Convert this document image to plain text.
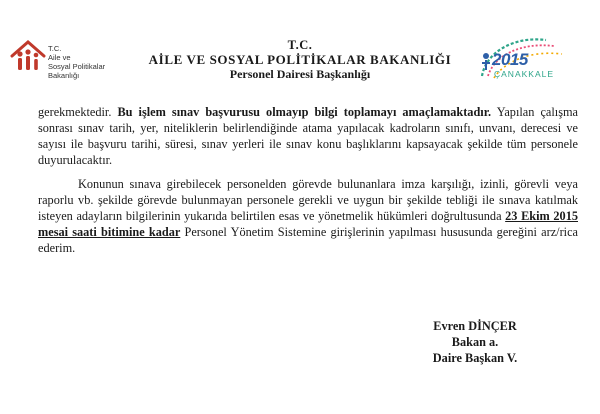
T.C.
Aile ve
Sosyal Politikalar
Bakanlığı
T.C.
AİLE VE SOSYAL POLİTİKALAR BAKANLIĞI
Personel Dairesi Başkanlığı
2015
ÇANAKKALE

gerekmektedir. Bu işlem sınav başvurusu olmayıp bilgi toplamayı amaçlamaktadır. Yapılan çalışma sonrası sınav tarih, yer, niteliklerin belirlendiğinde atama yapılacak kadroların sınıfı, unvanı, derecesi ve sayısı ile başvuru tarihi, süresi, sınav yerleri ile sınav konu başlıklarını kapsayacak şekilde tüm personele duyurulacaktır.

Konunun sınava girebilecek personelden görevde bulunanlara imza karşılığı, izinli, görevli veya raporlu vb. şekilde görevde bulunmayan personele gerekli ve uygun bir şekilde tebliği ile sınava katılmak isteyen adayların bilgilerinin yukarıda belirtilen esas ve yönetmelik hükümleri doğrultusunda 23 Ekim 2015 mesai saati bitimine kadar Personel Yönetim Sistemine girişlerinin yapılması hususunda gereğini arz/rica ederim.

Evren DİNÇER
Bakan a.
Daire Başkan V.
